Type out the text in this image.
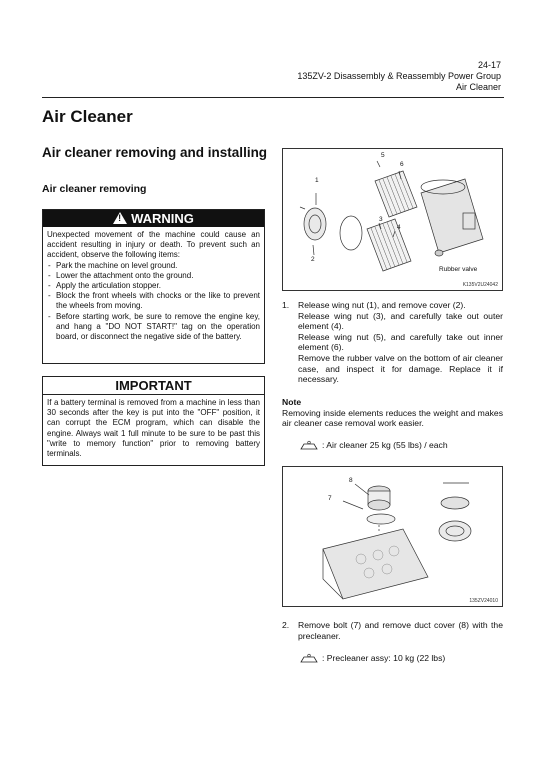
24-17
135ZV-2 Disassembly & Reassembly Power Group
Air Cleaner
Air Cleaner
Air cleaner removing and installing
Air cleaner removing
!WARNING
Unexpected movement of the machine could cause an accident resulting in injury or death. To prevent such an accident, observe the following items:
- Park the machine on level ground.
- Lower the attachment onto the ground.
- Apply the articulation stopper.
- Block the front wheels with chocks or the like to prevent the wheels from moving.
- Before starting work, be sure to remove the engine key, and hang a "DO NOT START!" tag on the operation board, or disconnect the negative side of the battery.
IMPORTANT
If a battery terminal is removed from a machine in less than 30 seconds after the key is put into the "OFF" position, it can corrupt the ECM program, which can disable the engine. Always wait 1 full minute to be sure to be past this "write to memory function" prior to removing battery terminals.
1
2
3
4
5
6
Rubber valve
K135V2U24042
1. Release wing nut (1), and remove cover (2).
Release wing nut (3), and carefully take out outer element (4).
Release wing nut (5), and carefully take out inner element (6).
Remove the rubber valve on the bottom of air cleaner case, and inspect it for damage. Replace it if necessary.
Note
Removing inside elements reduces the weight and makes air cleaner case removal work easier.
: Air cleaner 25 kg (55 lbs) / each
8
7
135ZV24010
2.	Remove bolt (7) and remove duct cover (8) with the precleaner.
: Precleaner assy: 10 kg (22 lbs)
